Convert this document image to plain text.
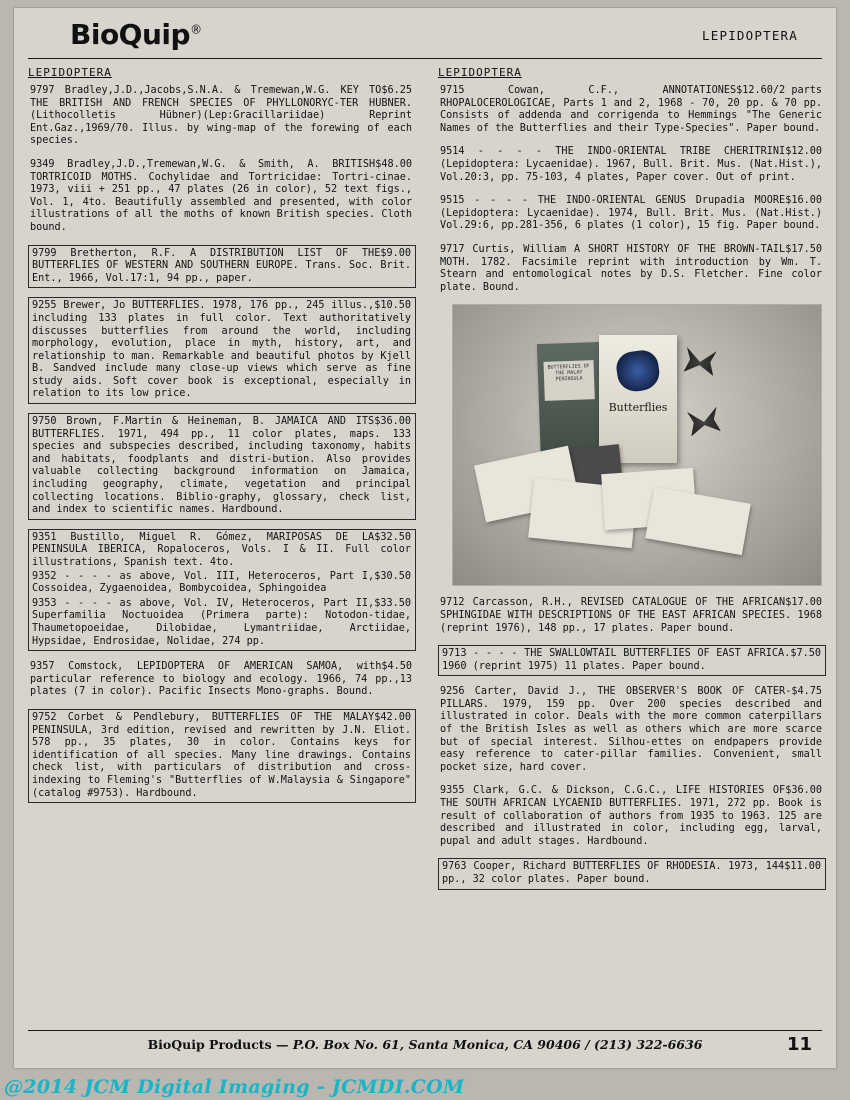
BioQuip®	LEPIDOPTERA
LEPIDOPTERA
$6.25
9797 Bradley,J.D.,Jacobs,S.N.A. & Tremewan,W.G. KEY TO THE BRITISH AND FRENCH SPECIES OF PHYLLONORYC-TER HUBNER. (Lithocolletis Hübner)(Lep:Gracillariidae) Reprint Ent.Gaz.,1969/70. Illus. by wing-map of the forewing of each species.
$48.00
9349 Bradley,J.D.,Tremewan,W.G. & Smith, A. BRITISH TORTRICOID MOTHS. Cochylidae and Tortricidae: Tortri-cinae. 1973, viii + 251 pp., 47 plates (26 in color), 52 text figs., Vol. 1, 4to. Beautifully assembled and presented, with color illustrations of all the moths of known British species. Cloth bound.
$9.00
9799 Bretherton, R.F. A DISTRIBUTION LIST OF THE BUTTERFLIES OF WESTERN AND SOUTHERN EUROPE. Trans. Soc. Brit. Ent., 1966, Vol.17:1, 94 pp., paper.
$10.50
9255 Brewer, Jo BUTTERFLIES. 1978, 176 pp., 245 illus., including 133 plates in full color. Text authoritatively discusses butterflies from around the world, including morphology, evolution, place in myth, history, art, and relationship to man. Remarkable and beautiful photos by Kjell B. Sandved include many close-up views which serve as fine study aids. Soft cover book is exceptional, especially in relation to its low price.
$36.00
9750 Brown, F.Martin & Heineman, B. JAMAICA AND ITS BUTTERFLIES. 1971, 494 pp., 11 color plates, maps. 133 species and subspecies described, including taxonomy, habits and habitats, foodplants and distri-bution. Also provides valuable collecting background information on Jamaica, including geography, climate, vegetation and principal collecting locations. Biblio-graphy, glossary, check list, and index to scientific names. Hardbound.
$32.50
9351 Bustillo, Miguel R. Gómez, MARIPOSAS DE LA PENINSULA IBERICA, Ropaloceros, Vols. I & II. Full color illustrations, Spanish text. 4to.
$30.50
9352 - - - - as above, Vol. III, Heteroceros, Part I, Cossoidea, Zygaenoidea, Bombycoidea, Sphingoidea
$33.50
9353 - - - - as above, Vol. IV, Heteroceros, Part II, Superfamilia Noctuoidea (Primera parte): Notodon-tidae, Thaumetopoeidae, Dilobidae, Lymantriidae, Arctiidae, Hypsidae, Endrosidae, Nolidae, 274 pp.
$4.50
9357 Comstock, LEPIDOPTERA OF AMERICAN SAMOA, with particular reference to biology and ecology. 1966, 74 pp.,13 plates (7 in color). Pacific Insects Mono-graphs. Bound.
$42.00
9752 Corbet & Pendlebury, BUTTERFLIES OF THE MALAY PENINSULA, 3rd edition, revised and rewritten by J.N. Eliot. 578 pp., 35 plates, 30 in color. Contains keys for identification of all species. Many line drawings. Contains check list, with particulars of distribution and cross-indexing to Fleming's "Butterflies of W.Malaysia & Singapore"(catalog #9753). Hardbound.
LEPIDOPTERA
$12.60/2 parts
9715 Cowan, C.F., ANNOTATIONES RHOPALOCEROLOGICAE, Parts 1 and 2, 1968 - 70, 20 pp. & 70 pp. Consists of addenda and corrigenda to Hemmings "The Generic Names of the Butterflies and their Type-Species". Paper bound.
$12.00
9514 - - - - THE INDO-ORIENTAL TRIBE CHERITRINI (Lepidoptera: Lycaenidae). 1967, Bull. Brit. Mus. (Nat.Hist.), Vol.20:3, pp. 75-103, 4 plates, Paper cover. Out of print.
$16.00
9515 - - - - THE INDO-ORIENTAL GENUS Drupadia MOORE (Lepidoptera: Lycaenidae). 1974, Bull. Brit. Mus. (Nat.Hist.) Vol.29:6, pp.281-356, 6 plates (1 color), 15 fig. Paper bound.
$17.50
9717 Curtis, William A SHORT HISTORY OF THE BROWN-TAIL MOTH. 1782. Facsimile reprint with introduction by Wm. T. Stearn and entomological notes by D.S. Fletcher. Fine color plate. Bound.
BUTTERFLIES OF THE MALAY PENINSULA
Butterflies
$17.00
9712 Carcasson, R.H., REVISED CATALOGUE OF THE AFRICAN SPHINGIDAE WITH DESCRIPTIONS OF THE EAST AFRICAN SPECIES. 1968 (reprint 1976), 148 pp., 17 plates. Paper bound.
$7.50
9713 - - - - THE SWALLOWTAIL BUTTERFLIES OF EAST AFRICA. 1960 (reprint 1975) 11 plates. Paper bound.
$4.75
9256 Carter, David J., THE OBSERVER'S BOOK OF CATER-PILLARS. 1979, 159 pp. Over 200 species described and illustrated in color. Deals with the more common caterpillars of the British Isles as well as others which are more scarce but of special interest. Silhou-ettes on endpapers provide easy reference to cater-pillar families. Convenient, small pocket size, hard cover.
$36.00
9355 Clark, G.C. & Dickson, C.G.C., LIFE HISTORIES OF THE SOUTH AFRICAN LYCAENID BUTTERFLIES. 1971, 272 pp. Book is result of collaboration of authors from 1935 to 1963. 125 are described and illustrated in color, including egg, larval, pupal and adult stages. Hardbound.
$11.00
9763 Cooper, Richard BUTTERFLIES OF RHODESIA. 1973, 144 pp., 32 color plates. Paper bound.
BioQuip Products — P.O. Box No. 61, Santa Monica, CA 90406 / (213) 322-6636	11
@2014 JCM Digital Imaging - JCMDI.COM
